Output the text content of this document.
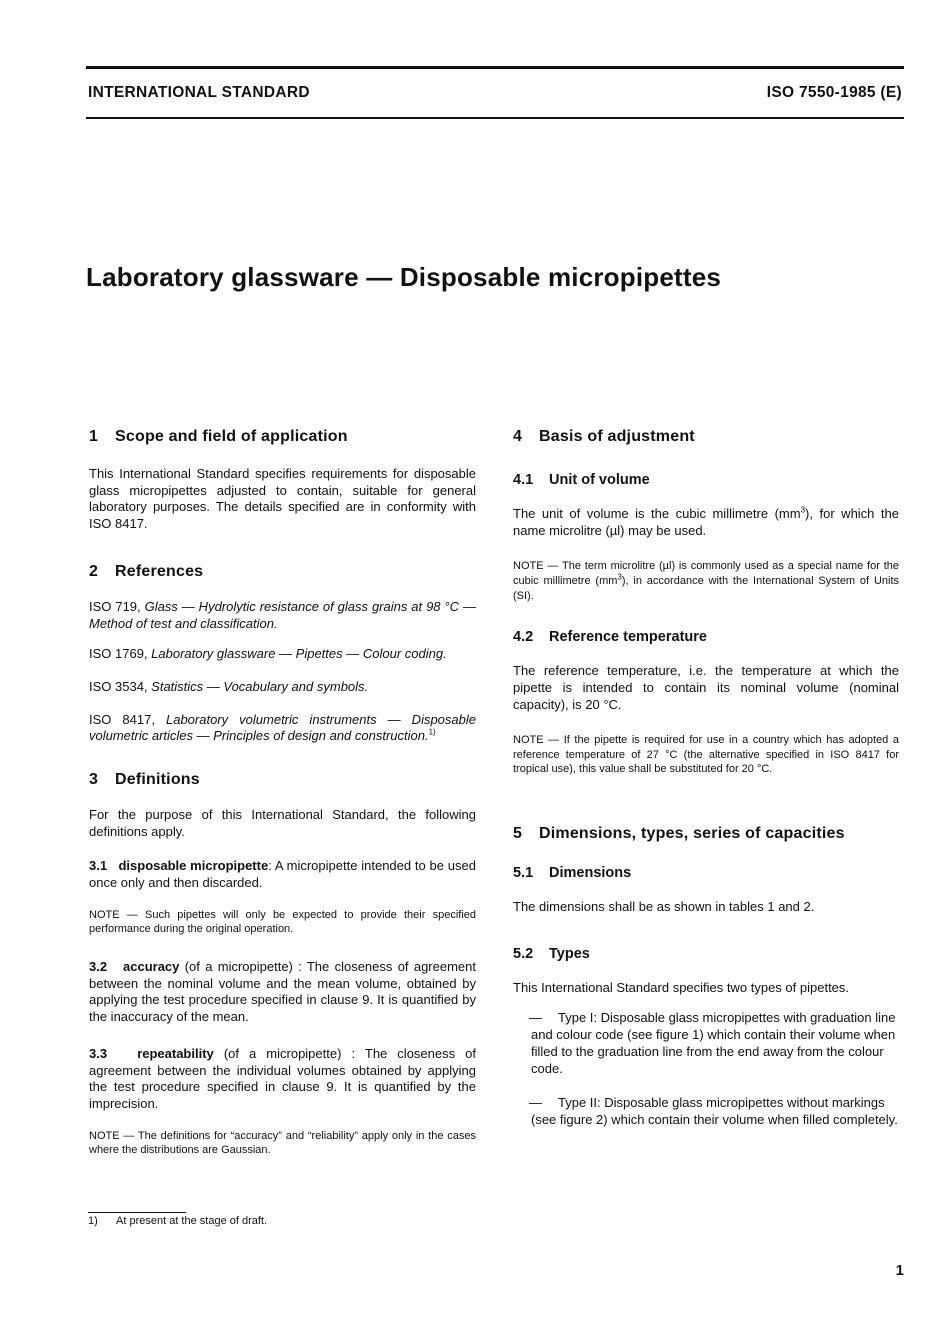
INTERNATIONAL STANDARD	ISO 7550-1985 (E)
Laboratory glassware — Disposable micropipettes
1 Scope and field of application

This International Standard specifies requirements for disposable glass micropipettes adjusted to contain, suitable for general laboratory purposes. The details specified are in conformity with ISO 8417.

2 References

ISO 719, Glass — Hydrolytic resistance of glass grains at 98 °C — Method of test and classification.

ISO 1769, Laboratory glassware — Pipettes — Colour coding.

ISO 3534, Statistics — Vocabulary and symbols.

ISO 8417, Laboratory volumetric instruments — Disposable volumetric articles — Principles of design and construction.$^{1)}$

3 Definitions

For the purpose of this International Standard, the following definitions apply.

3.1 disposable micropipette: A micropipette intended to be used once only and then discarded.

NOTE — Such pipettes will only be expected to provide their specified performance during the original operation.

3.2 accuracy (of a micropipette) : The closeness of agreement between the nominal volume and the mean volume, obtained by applying the test procedure specified in clause 9. It is quantified by the inaccuracy of the mean.

3.3 repeatability (of a micropipette) : The closeness of agreement between the individual volumes obtained by applying the test procedure specified in clause 9. It is quantified by the imprecision.

NOTE — The definitions for “accuracy” and “reliability” apply only in the cases where the distributions are Gaussian.

4 Basis of adjustment
4.1 Unit of volume

The unit of volume is the cubic millimetre $(mm^3)$, for which the name microlitre (µl) may be used.

NOTE — The term microlitre (µl) is commonly used as a special name for the cubic millimetre $(mm^3)$, in accordance with the International System of Units (SI).

4.2 Reference temperature

The reference temperature, i.e. the temperature at which the pipette is intended to contain its nominal volume (nominal capacity), is 20 °C.

NOTE — If the pipette is required for use in a country which has adopted a reference temperature of 27 °C (the alternative specified in ISO 8417 for tropical use), this value shall be substituted for 20 °C.

5 Dimensions, types, series of capacities
5.1 Dimensions

The dimensions shall be as shown in tables 1 and 2.

5.2 Types

This International Standard specifies two types of pipettes.

— Type I: Disposable glass micropipettes with graduation line and colour code (see figure 1) which contain their volume when filled to the graduation line from the end away from the colour code.

— Type II: Disposable glass micropipettes without markings (see figure 2) which contain their volume when filled completely.

1) At present at the stage of draft.
1
